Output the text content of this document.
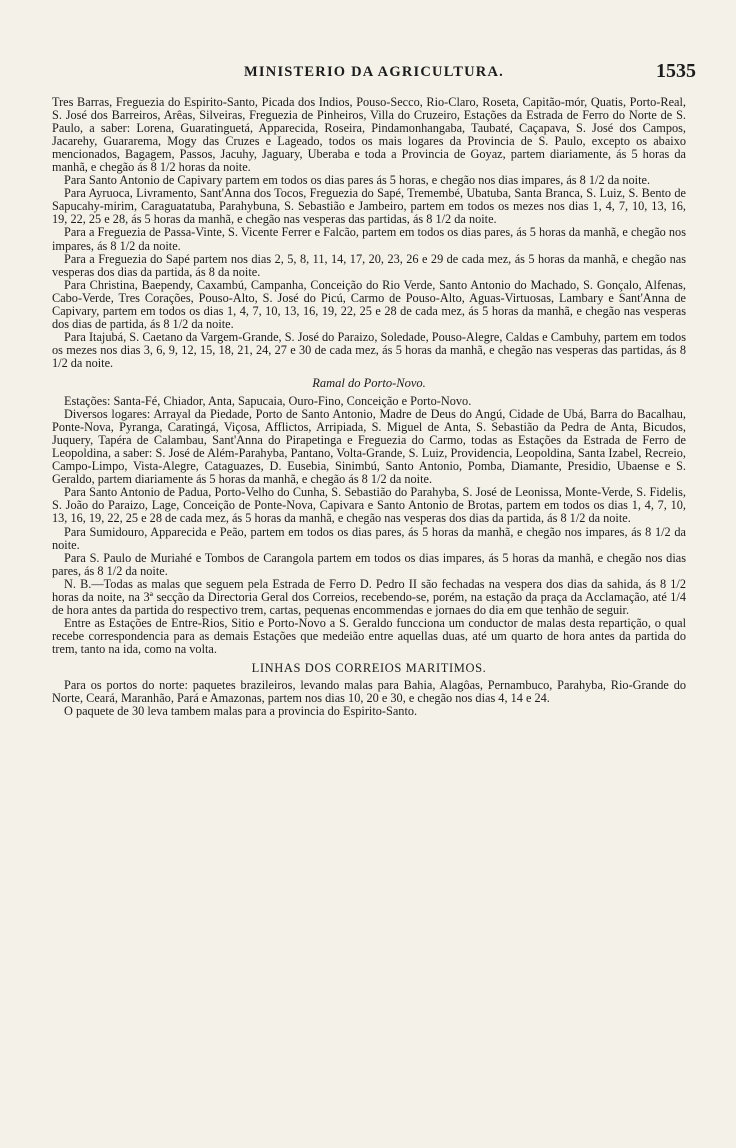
MINISTERIO DA AGRICULTURA.	1535

Tres Barras, Freguezia do Espirito-Santo, Picada dos Indios, Pouso-Secco, Rio-Claro, Roseta, Capitão-mór, Quatis, Porto-Real, S. José dos Barreiros, Arêas, Silveiras, Freguezia de Pinheiros, Villa do Cruzeiro, Estações da Estrada de Ferro do Norte de S. Paulo, a saber: Lorena, Guaratinguetá, Apparecida, Roseira, Pindamonhangaba, Taubaté, Caçapava, S. José dos Campos, Jacarehy, Guararema, Mogy das Cruzes e Lageado, todos os mais logares da Provincia de S. Paulo, excepto os abaixo mencionados, Bagagem, Passos, Jacuhy, Jaguary, Uberaba e toda a Provincia de Goyaz, partem diariamente, ás 5 horas da manhã, e chegão ás 8 1/2 horas da noite.

Para Santo Antonio de Capivary partem em todos os dias pares ás 5 horas, e chegão nos dias impares, ás 8 1/2 da noite.

Para Ayruoca, Livramento, Sant'Anna dos Tocos, Freguezia do Sapé, Tremembé, Ubatuba, Santa Branca, S. Luiz, S. Bento de Sapucahy-mirim, Caraguatatuba, Parahybuna, S. Sebastião e Jambeiro, partem em todos os mezes nos dias 1, 4, 7, 10, 13, 16, 19, 22, 25 e 28, ás 5 horas da manhã, e chegão nas vesperas das partidas, ás 8 1/2 da noite.

Para a Freguezia de Passa-Vinte, S. Vicente Ferrer e Falcão, partem em todos os dias pares, ás 5 horas da manhã, e chegão nos impares, ás 8 1/2 da noite.

Para a Freguezia do Sapé partem nos dias 2, 5, 8, 11, 14, 17, 20, 23, 26 e 29 de cada mez, ás 5 horas da manhã, e chegão nas vesperas dos dias da partida, ás 8 da noite.

Para Christina, Baependy, Caxambú, Campanha, Conceição do Rio Verde, Santo Antonio do Machado, S. Gonçalo, Alfenas, Cabo-Verde, Tres Corações, Pouso-Alto, S. José do Picú, Carmo de Pouso-Alto, Aguas-Virtuosas, Lambary e Sant'Anna de Capivary, partem em todos os dias 1, 4, 7, 10, 13, 16, 19, 22, 25 e 28 de cada mez, ás 5 horas da manhã, e chegão nas vesperas dos dias de partida, ás 8 1/2 da noite.

Para Itajubá, S. Caetano da Vargem-Grande, S. José do Paraizo, Soledade, Pouso-Alegre, Caldas e Cambuhy, partem em todos os mezes nos dias 3, 6, 9, 12, 15, 18, 21, 24, 27 e 30 de cada mez, ás 5 horas da manhã, e chegão nas vesperas das partidas, ás 8 1/2 da noite.

Ramal do Porto-Novo.

Estações: Santa-Fé, Chiador, Anta, Sapucaia, Ouro-Fino, Conceição e Porto-Novo.

Diversos logares: Arrayal da Piedade, Porto de Santo Antonio, Madre de Deus do Angú, Cidade de Ubá, Barra do Bacalhau, Ponte-Nova, Pyranga, Caratingá, Viçosa, Afflictos, Arripiada, S. Miguel de Anta, S. Sebastião da Pedra de Anta, Bicudos, Juquery, Tapéra de Calambau, Sant'Anna do Pirapetinga e Freguezia do Carmo, todas as Estações da Estrada de Ferro de Leopoldina, a saber: S. José de Além-Parahyba, Pantano, Volta-Grande, S. Luiz, Providencia, Leopoldina, Santa Izabel, Recreio, Campo-Limpo, Vista-Alegre, Cataguazes, D. Eusebia, Sinimbú, Santo Antonio, Pomba, Diamante, Presidio, Ubaense e S. Geraldo, partem diariamente ás 5 horas da manhã, e chegão ás 8 1/2 da noite.

Para Santo Antonio de Padua, Porto-Velho do Cunha, S. Sebastião do Parahyba, S. José de Leonissa, Monte-Verde, S. Fidelis, S. João do Paraizo, Lage, Conceição de Ponte-Nova, Capivara e Santo Antonio de Brotas, partem em todos os dias 1, 4, 7, 10, 13, 16, 19, 22, 25 e 28 de cada mez, ás 5 horas da manhã, e chegão nas vesperas dos dias da partida, ás 8 1/2 da noite.

Para Sumidouro, Apparecida e Peão, partem em todos os dias pares, ás 5 horas da manhã, e chegão nos impares, ás 8 1/2 da noite.

Para S. Paulo de Muriahé e Tombos de Carangola partem em todos os dias impares, ás 5 horas da manhã, e chegão nos dias pares, ás 8 1/2 da noite.

N. B.—Todas as malas que seguem pela Estrada de Ferro D. Pedro II são fechadas na vespera dos dias da sahida, ás 8 1/2 horas da noite, na 3ª secção da Directoria Geral dos Correios, recebendo-se, porém, na estação da praça da Acclamação, até 1/4 de hora antes da partida do respectivo trem, cartas, pequenas encommendas e jornaes do dia em que tenhão de seguir.

Entre as Estações de Entre-Rios, Sitio e Porto-Novo a S. Geraldo funcciona um conductor de malas desta repartição, o qual recebe correspondencia para as demais Estações que medeião entre aquellas duas, até um quarto de hora antes da partida do trem, tanto na ida, como na volta.

LINHAS DOS CORREIOS MARITIMOS.

Para os portos do norte: paquetes brazileiros, levando malas para Bahia, Alagôas, Pernambuco, Parahyba, Rio-Grande do Norte, Ceará, Maranhão, Pará e Amazonas, partem nos dias 10, 20 e 30, e chegão nos dias 4, 14 e 24.

O paquete de 30 leva tambem malas para a provincia do Espirito-Santo.
